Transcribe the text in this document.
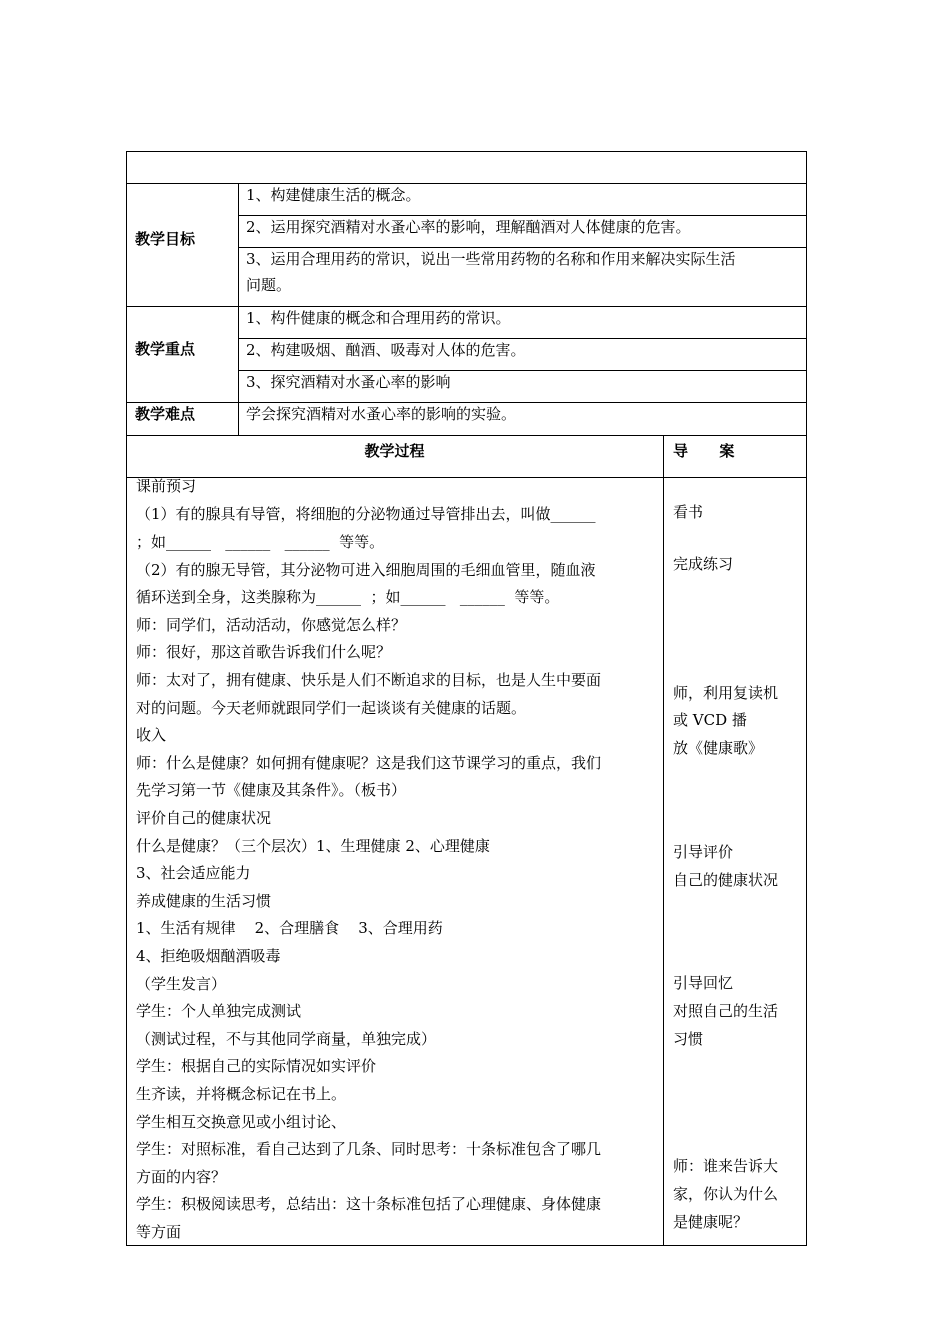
教学目标
1、构建健康生活的概念。
2、运用探究酒精对水蚤心率的影响，理解酗酒对人体健康的危害。
3、运用合理用药的常识，说出一些常用药物的名称和作用来解决实际生活
问题。
教学重点
1、构件健康的概念和合理用药的常识。
2、构建吸烟、酗酒、吸毒对人体的危害。
3、探究酒精对水蚤心率的影响
教学难点	学会探究酒精对水蚤心率的影响的实验。
教学过程	导      案
课前预习
（1）有的腺具有导管，将细胞的分泌物通过导管排出去，叫做______
；如______   ______   ______  等等。
（2）有的腺无导管，其分泌物可进入细胞周围的毛细血管里，随血液
循环送到全身，这类腺称为______  ；如______   ______  等等。
师：同学们，活动活动，你感觉怎么样？
师：很好，那这首歌告诉我们什么呢？
师：太对了，拥有健康、快乐是人们不断追求的目标，也是人生中要面
对的问题。今天老师就跟同学们一起谈谈有关健康的话题。
收入
师：什么是健康？如何拥有健康呢？这是我们这节课学习的重点，我们
先学习第一节《健康及其条件》。（板书）
评价自己的健康状况
什么是健康？（三个层次）1、生理健康 2、心理健康
3、社会适应能力
养成健康的生活习惯
1、生活有规律    2、合理膳食    3、合理用药
4、拒绝吸烟酗酒吸毒
（学生发言）
学生：个人单独完成测试
（测试过程，不与其他同学商量，单独完成）
学生：根据自己的实际情况如实评价
生齐读，并将概念标记在书上。
学生相互交换意见或小组讨论、
学生：对照标准，看自己达到了几条、同时思考：十条标准包含了哪几
方面的内容？
学生：积极阅读思考，总结出：这十条标准包括了心理健康、身体健康
等方面
看书
完成练习
师，利用复读机
或 VCD 播
放《健康歌》
引导评价
自己的健康状况
引导回忆
对照自己的生活
习惯
师：谁来告诉大
家，你认为什么
是健康呢？
